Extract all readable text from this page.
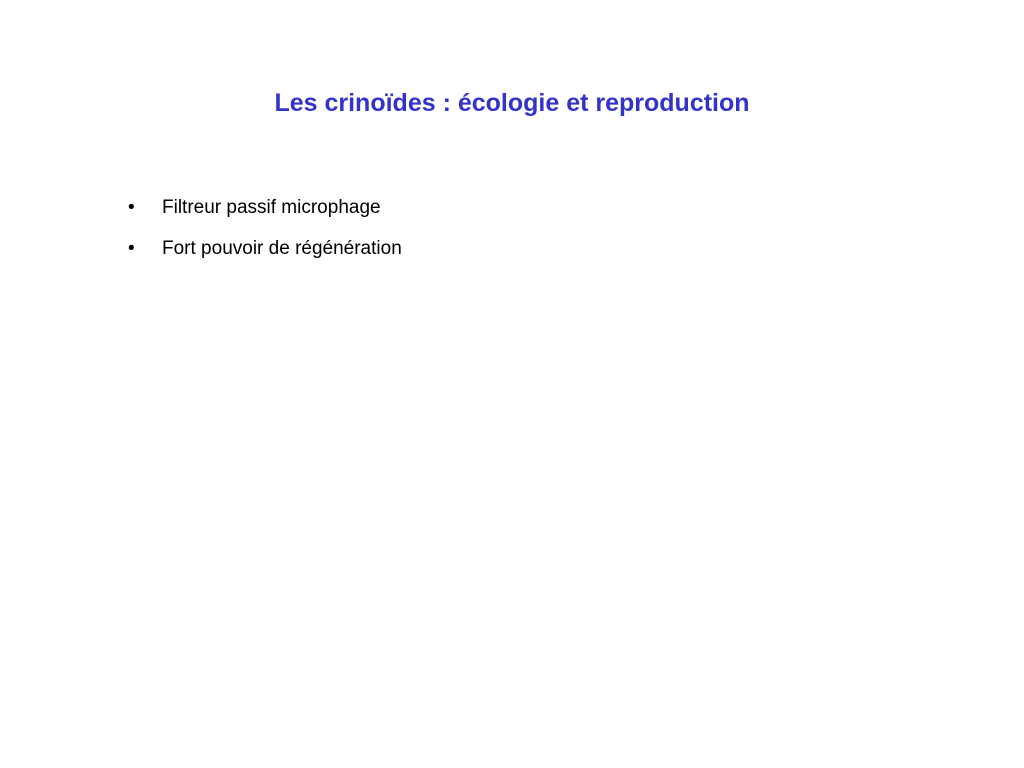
Les crinoïdes : écologie et reproduction
•	Filtreur passif microphage
•	Fort pouvoir de régénération
